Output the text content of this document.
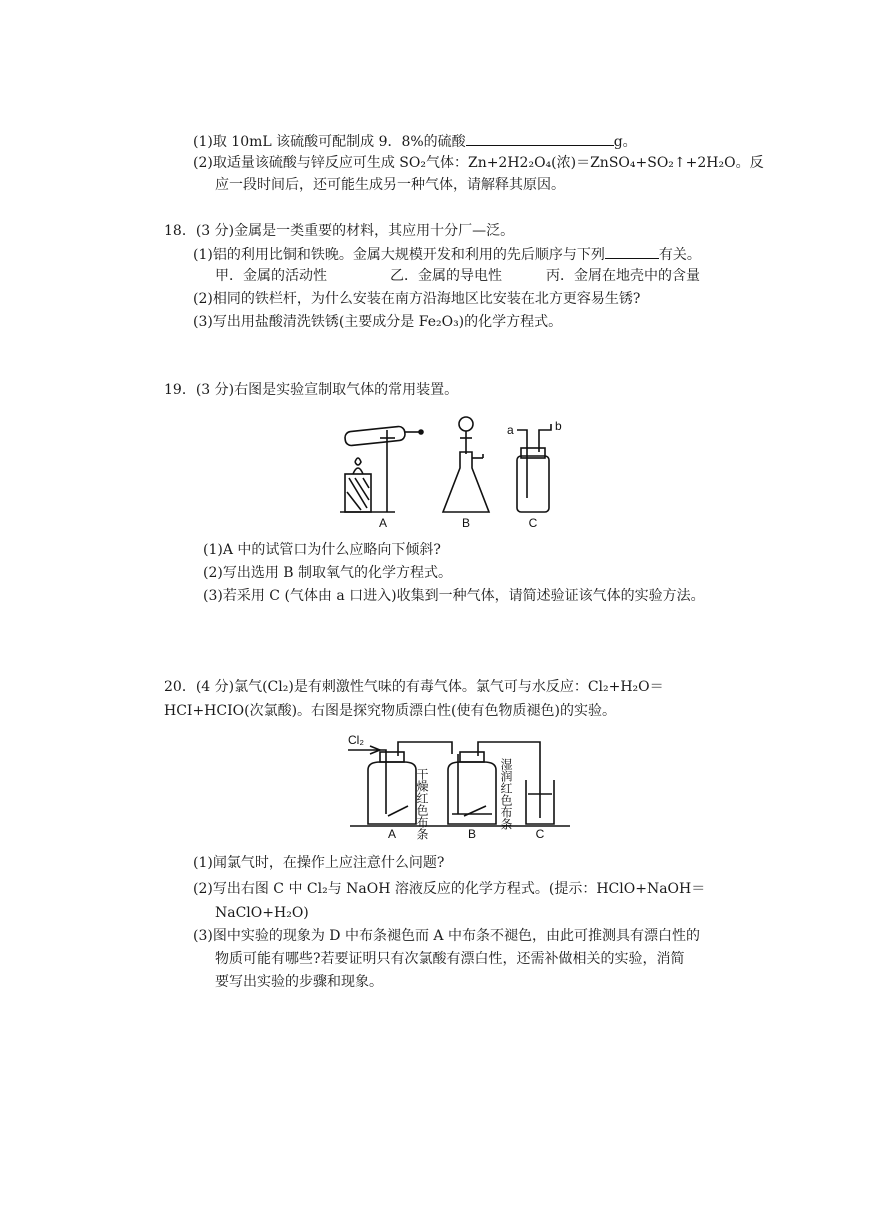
(1)取 10mL 该硫酸可配制成 9．8%的硫酸	g。
(2)取适量该硫酸与锌反应可生成 SO₂气体：Zn+2H2₂O₄(浓)＝ZnSO₄+SO₂↑+2H₂O。反
应一段时间后，还可能生成另一种气体，请解释其原因。
18．(3 分)金属是一类重要的材料，其应用十分厂—泛。
(1)铝的利用比铜和铁晚。金属大规模开发和利用的先后顺序与下列	有关。
甲．金属的活动性	乙．金属的导电性	丙．金屑在地壳中的含量
(2)相同的铁栏杆，为什么安装在南方沿海地区比安装在北方更容易生锈?
(3)写出用盐酸清洗铁锈(主要成分是 Fe₂O₃)的化学方程式。
19．(3 分)右图是实验宣制取气体的常用装置。
A	B	C
a	b
(1)A 中的试管口为什么应略向下倾斜?
(2)写出选用 B 制取氧气的化学方程式。
(3)若采用 C (气体由 a 口进入)收集到一种气体，请简述验证该气体的实验方法。
20．(4 分)氯气(Cl₂)是有刺激性气味的有毒气体。氯气可与水反应：Cl₂+H₂O＝
HCI+HCIO(次氯酸)。右图是探究物质漂白性(使有色物质褪色)的实验。
Cl₂
A	B	C
干燥红色布条	湿润红色布条
(1)闻氯气时，在操作上应注意什么问题?
(2)写出右图 C 中 Cl₂与 NaOH 溶液反应的化学方程式。(提示：HClO+NaOH＝
NaClO+H₂O)
(3)图中实验的现象为 D 中布条褪色而 A 中布条不褪色，由此可推测具有漂白性的
物质可能有哪些?若要证明只有次氯酸有漂白性，还需补做相关的实验，消简
要写出实验的步骤和现象。
